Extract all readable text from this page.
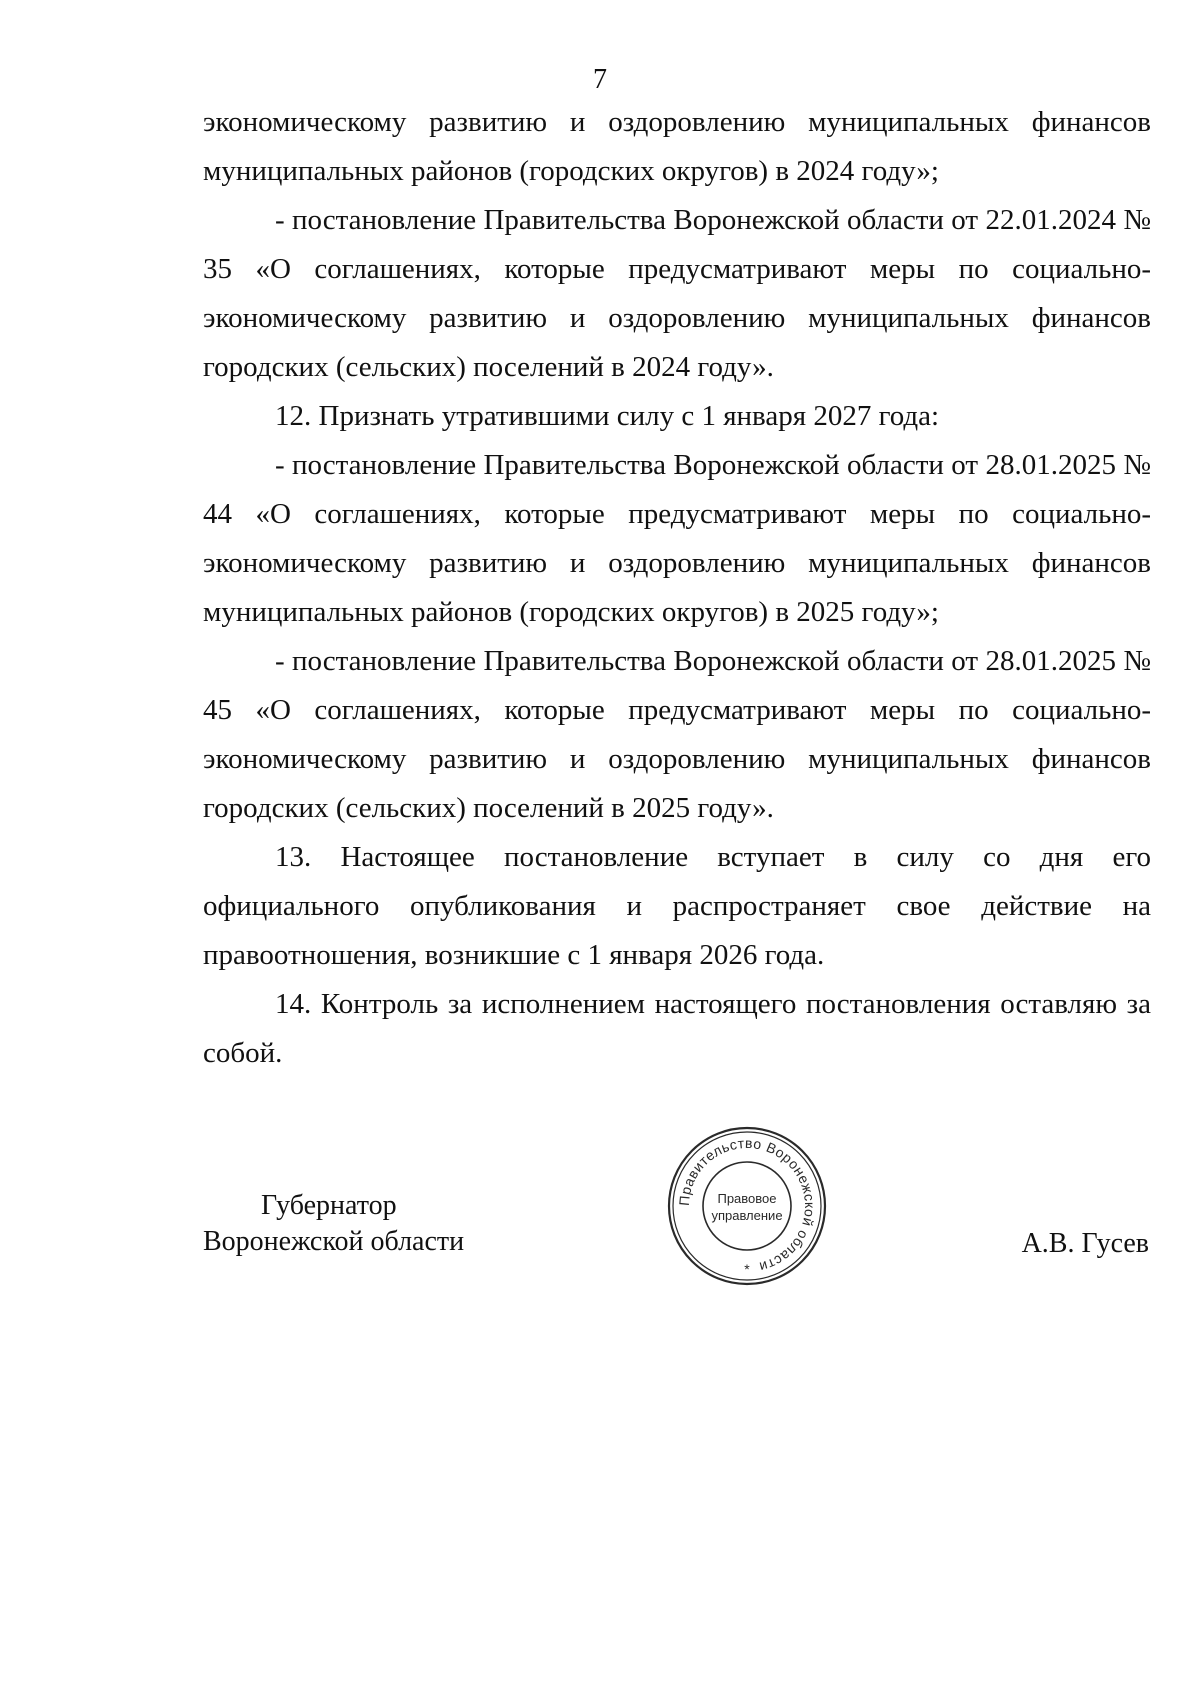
7

экономическому развитию и оздоровлению муниципальных финансов муниципальных районов (городских округов) в 2024 году»;

- постановление Правительства Воронежской области от 22.01.2024 № 35 «О соглашениях, которые предусматривают меры по социально-экономическому развитию и оздоровлению муниципальных финансов городских (сельских) поселений в 2024 году».

12. Признать утратившими силу с 1 января 2027 года:

- постановление Правительства Воронежской области от 28.01.2025 № 44 «О соглашениях, которые предусматривают меры по социально-экономическому развитию и оздоровлению муниципальных финансов муниципальных районов (городских округов) в 2025 году»;

- постановление Правительства Воронежской области от 28.01.2025 № 45 «О соглашениях, которые предусматривают меры по социально-экономическому развитию и оздоровлению муниципальных финансов городских (сельских) поселений в 2025 году».

13. Настоящее постановление вступает в силу со дня его официального опубликования и распространяет свое действие на правоотношения, возникшие с 1 января 2026 года.

14. Контроль за исполнением настоящего постановления оставляю за собой.

Губернатор
Воронежской области
Правительство Воронежской области
Правовое
управление
*
А.В. Гусев
